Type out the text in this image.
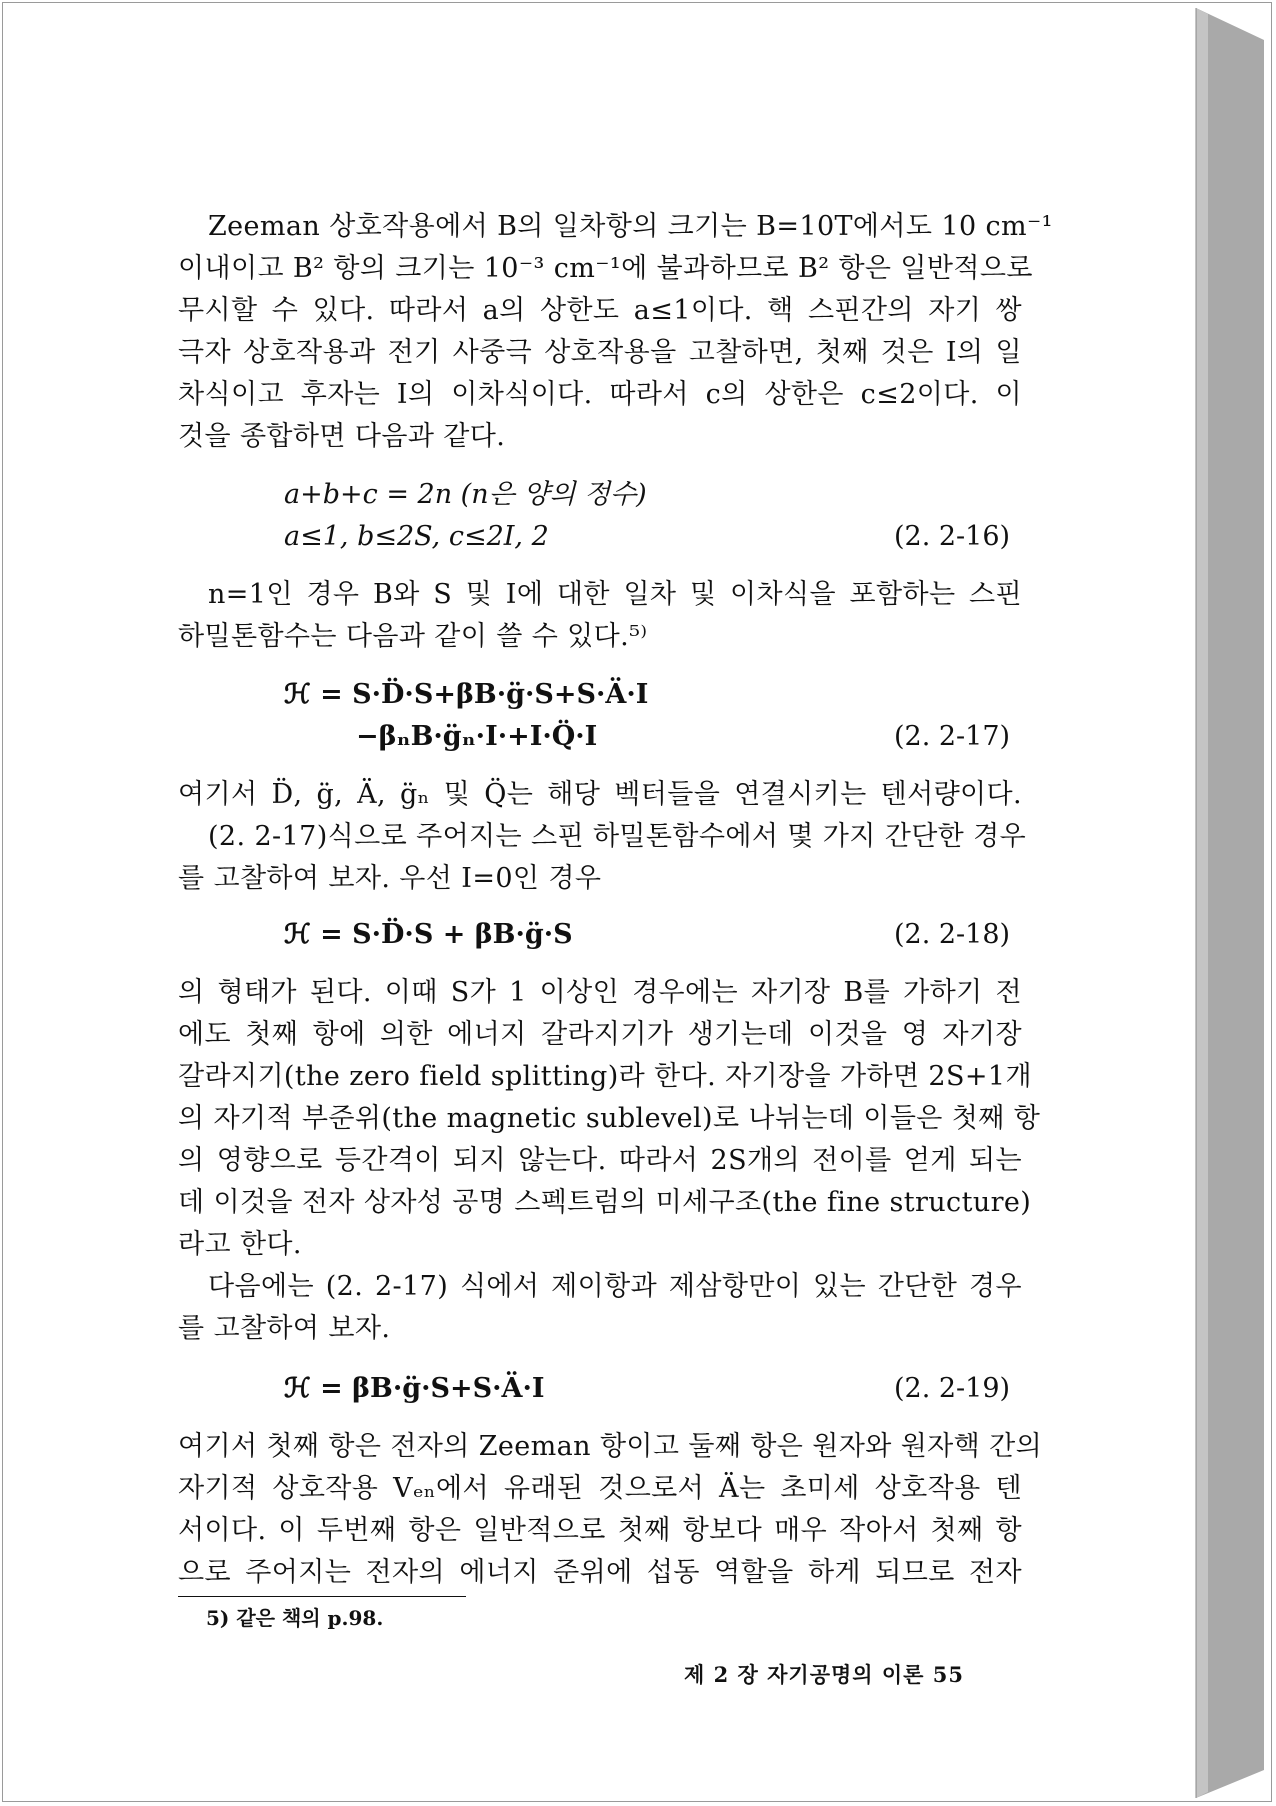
Zeeman 상호작용에서 B의 일차항의 크기는 B=10T에서도 10 cm⁻¹
이내이고 B² 항의 크기는 10⁻³ cm⁻¹에 불과하므로 B² 항은 일반적으로
무시할 수 있다. 따라서 a의 상한도 a≤1이다. 핵 스핀간의 자기 쌍
극자 상호작용과 전기 사중극 상호작용을 고찰하면, 첫째 것은 I의 일
차식이고 후자는 I의 이차식이다. 따라서 c의 상한은 c≤2이다. 이
것을 종합하면 다음과 같다.
a+b+c = 2n (n은 양의 정수)
a≤1, b≤2S, c≤2I, 2	(2. 2-16)
n=1인 경우 B와 S 및 I에 대한 일차 및 이차식을 포함하는 스핀
하밀톤함수는 다음과 같이 쓸 수 있다.⁵⁾
ℋ = S·D̈·S+βB·g̈·S+S·Ä·I
−βₙB·g̈ₙ·I·+I·Q̈·I	(2. 2-17)
여기서 D̈, g̈, Ä, g̈ₙ 및 Q̈는 해당 벡터들을 연결시키는 텐서량이다.
(2. 2-17)식으로 주어지는 스핀 하밀톤함수에서 몇 가지 간단한 경우
를 고찰하여 보자. 우선 I=0인 경우
ℋ = S·D̈·S + βB·g̈·S	(2. 2-18)
의 형태가 된다. 이때 S가 1 이상인 경우에는 자기장 B를 가하기 전
에도 첫째 항에 의한 에너지 갈라지기가 생기는데 이것을 영 자기장
갈라지기(the zero field splitting)라 한다. 자기장을 가하면 2S+1개
의 자기적 부준위(the magnetic sublevel)로 나뉘는데 이들은 첫째 항
의 영향으로 등간격이 되지 않는다. 따라서 2S개의 전이를 얻게 되는
데 이것을 전자 상자성 공명 스펙트럼의 미세구조(the fine structure)
라고 한다.
다음에는 (2. 2-17) 식에서 제이항과 제삼항만이 있는 간단한 경우
를 고찰하여 보자.
ℋ = βB·g̈·S+S·Ä·I	(2. 2-19)
여기서 첫째 항은 전자의 Zeeman 항이고 둘째 항은 원자와 원자핵 간의
자기적 상호작용 Vₑₙ에서 유래된 것으로서 Ä는 초미세 상호작용 텐
서이다. 이 두번째 항은 일반적으로 첫째 항보다 매우 작아서 첫째 항
으로 주어지는 전자의 에너지 준위에 섭동 역할을 하게 되므로 전자
5) 같은 책의 p.98.
제 2 장 자기공명의 이론 55
